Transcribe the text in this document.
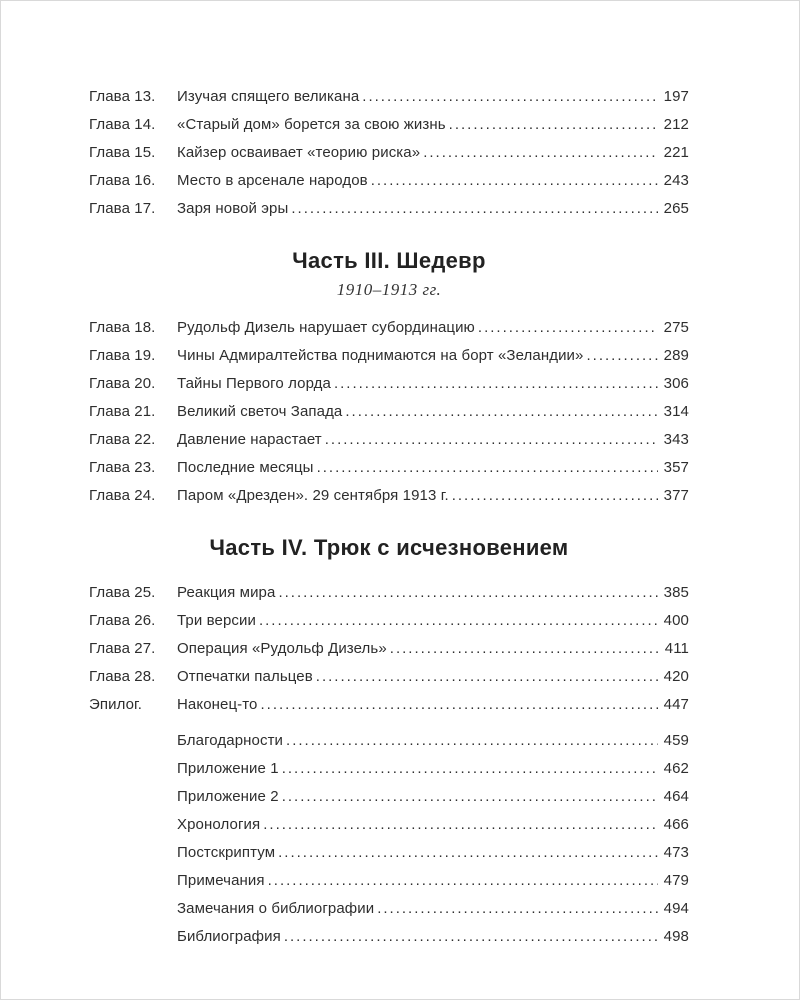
Глава 13.	Изучая спящего великана .....	197
Глава 14.	«Старый дом» борется за свою жизнь .....	212
Глава 15.	Кайзер осваивает «теорию риска» .....	221
Глава 16.	Место в арсенале народов .....	243
Глава 17.	Заря новой эры .....	265
Часть III. Шедевр
1910–1913 гг.
Глава 18.	Рудольф Дизель нарушает субординацию .....	275
Глава 19.	Чины Адмиралтейства поднимаются на борт «Зеландии» .....	289
Глава 20.	Тайны Первого лорда .....	306
Глава 21.	Великий светоч Запада .....	314
Глава 22.	Давление нарастает .....	343
Глава 23.	Последние месяцы .....	357
Глава 24.	Паром «Дрезден». 29 сентября 1913 г. .....	377
Часть IV. Трюк с исчезновением
Глава 25.	Реакция мира .....	385
Глава 26.	Три версии .....	400
Глава 27.	Операция «Рудольф Дизель» .....	411
Глава 28.	Отпечатки пальцев .....	420
Эпилог.	Наконец-то .....	447
Благодарности .....	459
Приложение 1 .....	462
Приложение 2 .....	464
Хронология .....	466
Постскриптум .....	473
Примечания .....	479
Замечания о библиографии .....	494
Библиография .....	498
